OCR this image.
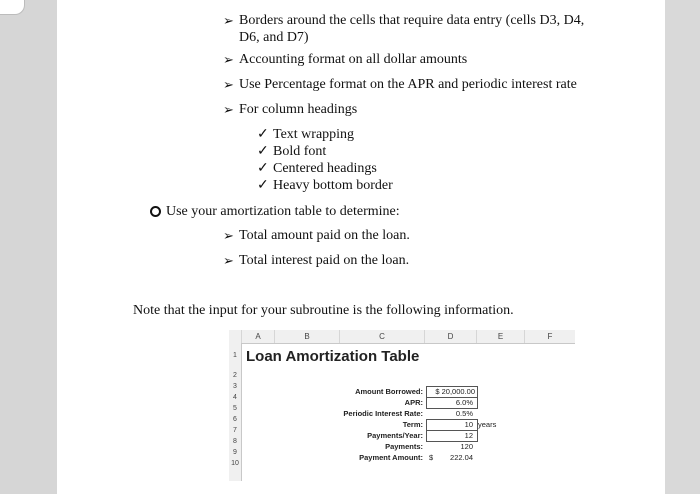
➢ Borders around the cells that require data entry (cells D3, D4,
D6, and D7)
➢ Accounting format on all dollar amounts
➢ Use Percentage format on the APR and periodic interest rate
➢ For column headings
✓ Text wrapping
✓ Bold font
✓ Centered headings
✓ Heavy bottom border
Use your amortization table to determine:
➢ Total amount paid on the loan.
➢ Total interest paid on the loan.
Note that the input for your subroutine is the following information.
A	B	C	D	E	F
1
2
3
4
5
6
7
8
9
10
Loan Amortization Table
Amount Borrowed:	$ 20,000.00
APR:	6.0%
Periodic Interest Rate:	0.5%
Term:	10 years
Payments/Year:	12
Payments:	120
Payment Amount: $	222.04
